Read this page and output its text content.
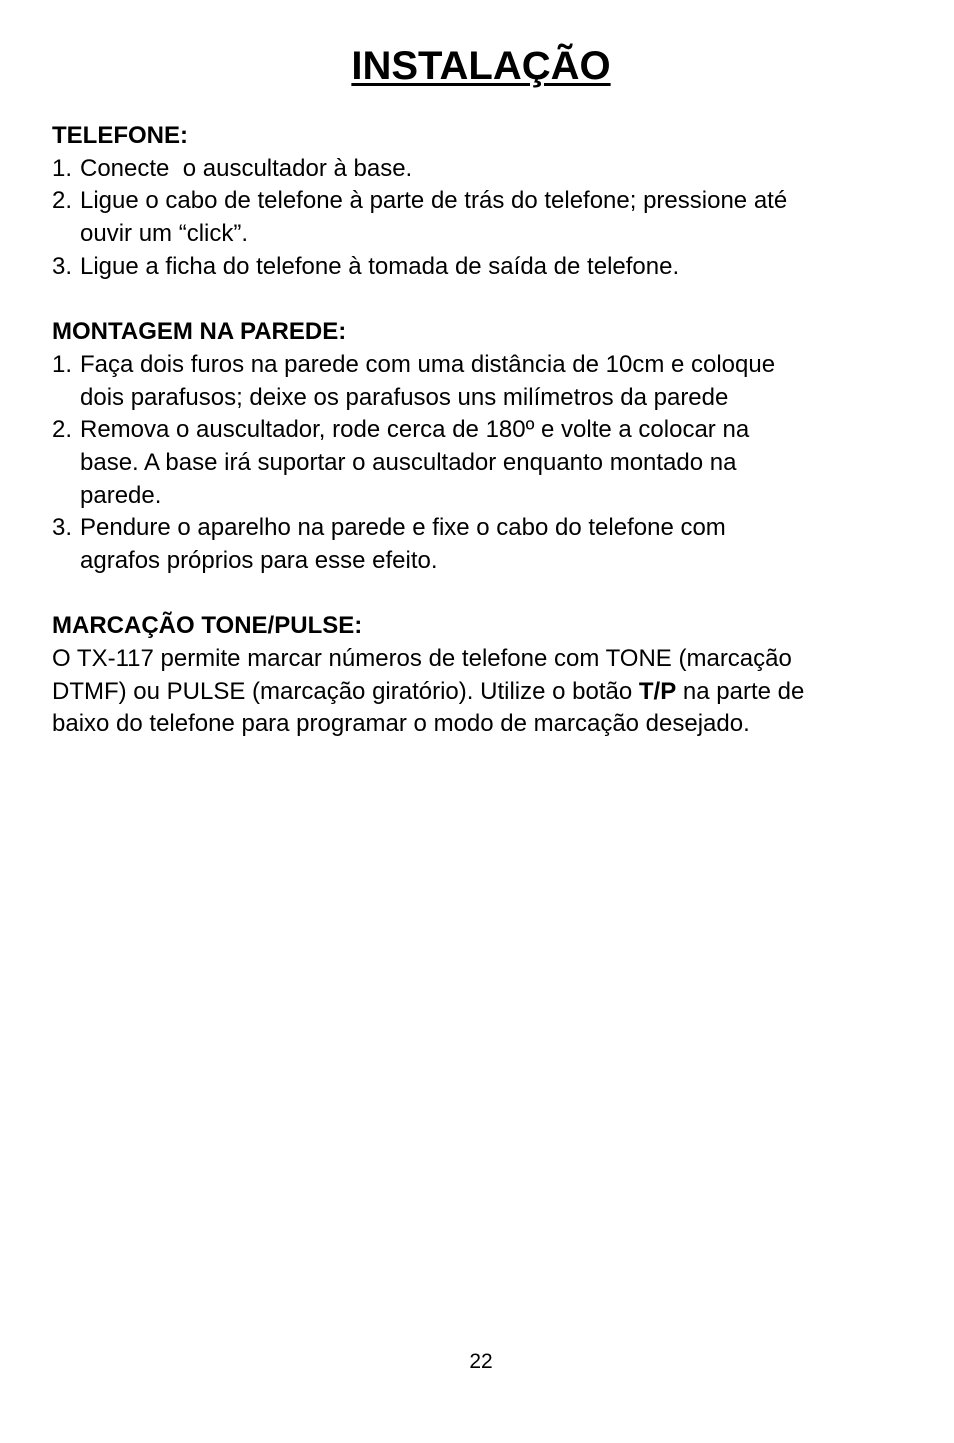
INSTALAÇÃO
TELEFONE:
1. Conecte  o auscultador à base.
2. Ligue o cabo de telefone à parte de trás do telefone; pressione até
ouvir um “click”.
3. Ligue a ficha do telefone à tomada de saída de telefone.
MONTAGEM NA PAREDE:
1. Faça dois furos na parede com uma distância de 10cm e coloque
dois parafusos; deixe os parafusos uns milímetros da parede
2. Remova o auscultador, rode cerca de 180º e volte a colocar na
base. A base irá suportar o auscultador enquanto montado na
parede.
3. Pendure o aparelho na parede e fixe o cabo do telefone com
agrafos próprios para esse efeito.
MARCAÇÃO TONE/PULSE:
O TX-117 permite marcar números de telefone com TONE (marcação
DTMF) ou PULSE (marcação giratório). Utilize o botão T/P na parte de
baixo do telefone para programar o modo de marcação desejado.
22
